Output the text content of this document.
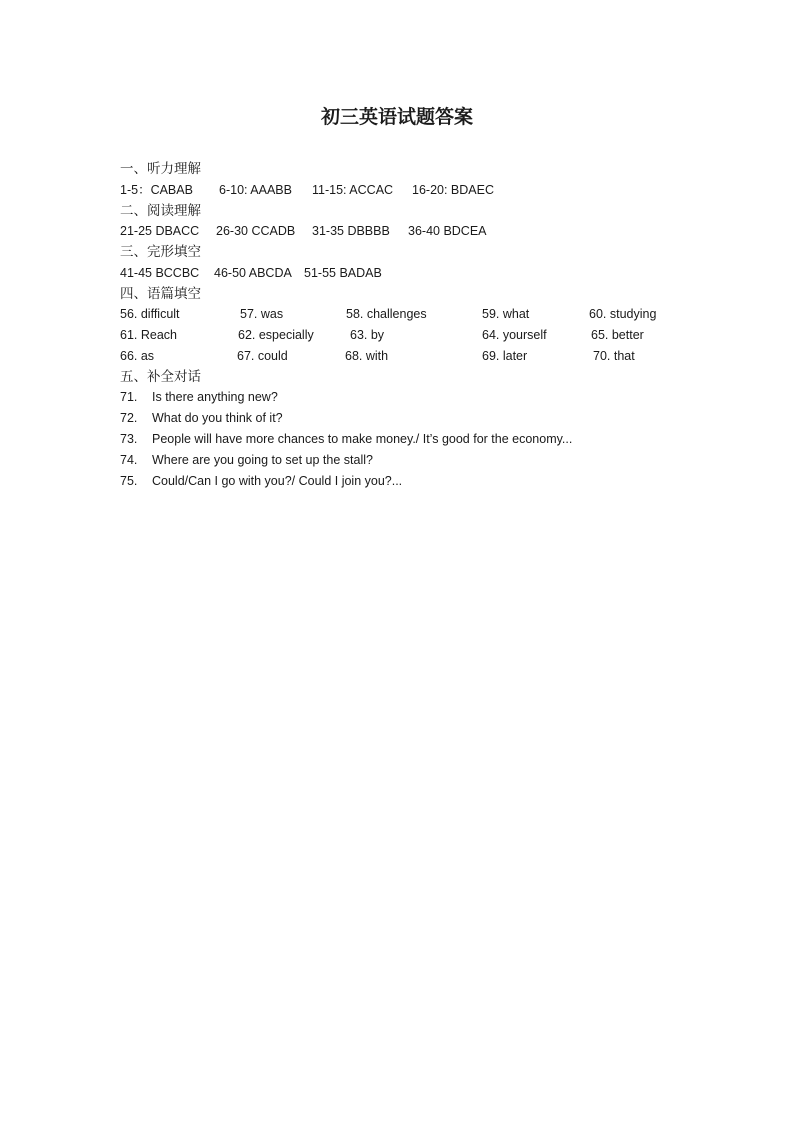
初三英语试题答案
一、听力理解
1-5：CABAB 6-10: AAABB 11-15: ACCAC 16-20: BDAEC
二、阅读理解
21-25 DBACC 26-30 CCADB 31-35 DBBBB 36-40 BDCEA
三、完形填空
41-45 BCCBC 46-50 ABCDA 51-55 BADAB
四、语篇填空
56. difficult	57. was	58. challenges	59. what	60. studying
61. Reach	62. especially	63. by	64. yourself	65. better
66. as	67. could	68. with	69. later	70. that
五、补全对话
71. Is there anything new?
72. What do you think of it?
73. People will have more chances to make money./ It’s good for the economy...
74. Where are you going to set up the stall?
75. Could/Can I go with you?/ Could I join you?...
